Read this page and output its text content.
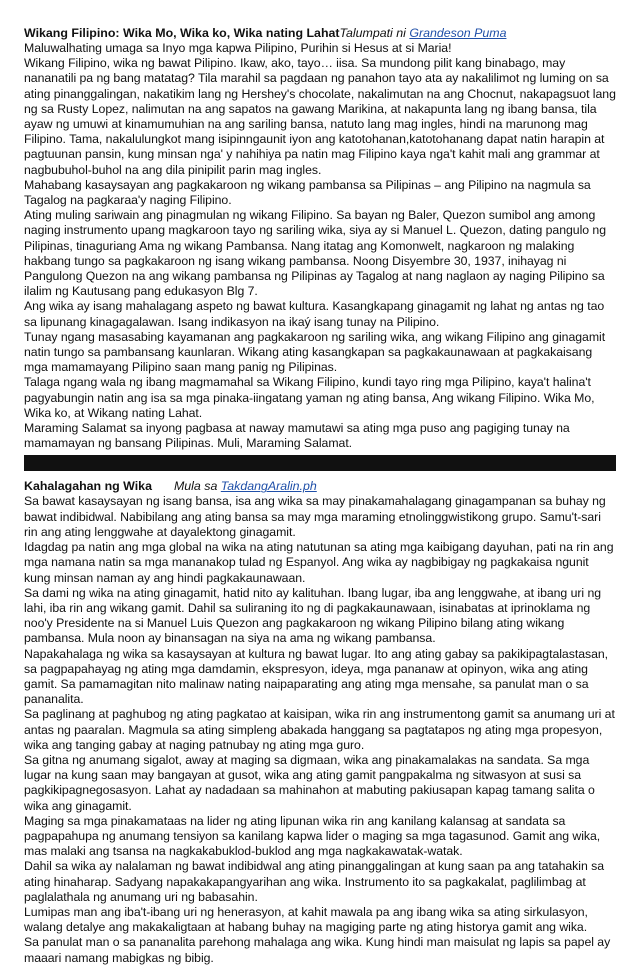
Wikang Filipino: Wika Mo, Wika ko, Wika nating LahatTalumpati ni Grandeson Puma

Maluwalhating umaga sa Inyo mga kapwa Pilipino, Purihin si Hesus at si Maria!

Wikang Filipino, wika ng bawat Pilipino. Ikaw, ako, tayo… iisa. Sa mundong pilit kang binabago, may nananatili pa ng bang matatag? Tila marahil sa pagdaan ng panahon tayo ata ay nakalilimot ng luming on sa ating pinanggalingan, nakatikim lang ng Hershey's chocolate, nakalimutan na ang Chocnut, nakapagsuot lang ng sa Rusty Lopez, nalimutan na ang sapatos na gawang Marikina, at nakapunta lang ng ibang bansa, tila ayaw ng umuwi at kinamumuhian na ang sariling bansa, natuto lang mag ingles, hindi na marunong mag Filipino. Tama, nakalulungkot mang isipinngaunit iyon ang katotohanan,katotohanang dapat natin harapin at pagtuunan pansin, kung minsan nga' y nahihiya pa natin mag Filipino kaya nga't kahit mali ang grammar at nagbubuhol-buhol na ang dila pinipilit parin mag ingles.

Mahabang kasaysayan ang pagkakaroon ng wikang pambansa sa Pilipinas – ang Pilipino na nagmula sa Tagalog na pagkaraa'y naging Filipino.

Ating muling sariwain ang pinagmulan ng wikang Filipino. Sa bayan ng Baler, Quezon sumibol ang among naging instrumento upang magkaroon tayo ng sariling wika, siya ay si Manuel L. Quezon, dating pangulo ng Pilipinas, tinaguriang Ama ng wikang Pambansa. Nang itatag ang Komonwelt, nagkaroon ng malaking hakbang tungo sa pagkakaroon ng isang wikang pambansa. Noong Disyembre 30, 1937, inihayag ni Pangulong Quezon na ang wikang pambansa ng Pilipinas ay Tagalog at nang naglaon ay naging Pilipino sa ilalim ng Kautusang pang edukasyon Blg 7.

Ang wika ay isang mahalagang aspeto ng bawat kultura. Kasangkapang ginagamit ng lahat ng antas ng tao sa lipunang kinagagalawan. Isang indikasyon na ikaý isang tunay na Pilipino.

Tunay ngang masasabing kayamanan ang pagkakaroon ng sariling wika, ang wikang Filipino ang ginagamit natin tungo sa pambansang kaunlaran. Wikang ating kasangkapan sa pagkakaunawaan at pagkakaisang mga mamamayang Pilipino saan mang panig ng Pilipinas.

Talaga ngang wala ng ibang magmamahal sa Wikang Filipino, kundi tayo ring mga Pilipino, kaya't halina't pagyabungin natin ang isa sa mga pinaka-iingatang yaman ng ating bansa, Ang wikang Filipino. Wika Mo, Wika ko, at Wikang nating Lahat.

Maraming Salamat sa inyong pagbasa at naway mamutawi sa ating mga puso ang pagiging tunay na mamamayan ng bansang Pilipinas. Muli, Maraming Salamat.

Kahalagahan ng Wika Mula sa TakdangAralin.ph

Sa bawat kasaysayan ng isang bansa, isa ang wika sa may pinakamahalagang ginagampanan sa buhay ng bawat indibidwal. Nabibilang ang ating bansa sa may mga maraming etnolinggwistikong grupo. Samu't-sari rin ang ating lenggwahe at dayalektong ginagamit.

Idagdag pa natin ang mga global na wika na ating natutunan sa ating mga kaibigang dayuhan, pati na rin ang mga namana natin sa mga mananakop tulad ng Espanyol. Ang wika ay nagbibigay ng pagkakaisa ngunit kung minsan naman ay ang hindi pagkakaunawaan.

Sa dami ng wika na ating ginagamit, hatid nito ay kalituhan. Ibang lugar, iba ang lenggwahe, at ibang uri ng lahi, iba rin ang wikang gamit. Dahil sa suliraning ito ng di pagkakaunawaan, isinabatas at iprinoklama ng noo'y Presidente na si Manuel Luis Quezon ang pagkakaroon ng wikang Pilipino bilang ating wikang pambansa. Mula noon ay binansagan na siya na ama ng wikang pambansa.

Napakahalaga ng wika sa kasaysayan at kultura ng bawat lugar. Ito ang ating gabay sa pakikipagtalastasan, sa pagpapahayag ng ating mga damdamin, ekspresyon, ideya, mga pananaw at opinyon, wika ang ating gamit. Sa pamamagitan nito malinaw nating naipaparating ang ating mga mensahe, sa panulat man o sa pananalita.

Sa paglinang at paghubog ng ating pagkatao at kaisipan, wika rin ang instrumentong gamit sa anumang uri at antas ng paaralan. Magmula sa ating simpleng abakada hanggang sa pagtatapos ng ating mga propesyon, wika ang tanging gabay at naging patnubay ng ating mga guro.

Sa gitna ng anumang sigalot, away at maging sa digmaan, wika ang pinakamalakas na sandata. Sa mga lugar na kung saan may bangayan at gusot, wika ang ating gamit pangpakalma ng sitwasyon at susi sa pagkikipagnegosasyon. Lahat ay nadadaan sa mahinahon at mabuting pakiusapan kapag tamang salita o wika ang ginagamit.

Maging sa mga pinakamataas na lider ng ating lipunan wika rin ang kanilang kalansag at sandata sa pagpapahupa ng anumang tensiyon sa kanilang kapwa lider o maging sa mga tagasunod. Gamit ang wika, mas malaki ang tsansa na nagkakabuklod-buklod ang mga nagkakawatak-watak.

Dahil sa wika ay nalalaman ng bawat indibidwal ang ating pinanggalingan at kung saan pa ang tatahakin sa ating hinaharap. Sadyang napakakapangyarihan ang wika. Instrumento ito sa pagkakalat, paglilimbag at paglalathala ng anumang uri ng babasahin.

Lumipas man ang iba't-ibang uri ng henerasyon, at kahit mawala pa ang ibang wika sa ating sirkulasyon, walang detalye ang makakaligtaan at habang buhay na magiging parte ng ating historya gamit ang wika.

Sa panulat man o sa pananalita parehong mahalaga ang wika. Kung hindi man maisulat ng lapis sa papel ay maaari namang mabigkas ng bibig.
